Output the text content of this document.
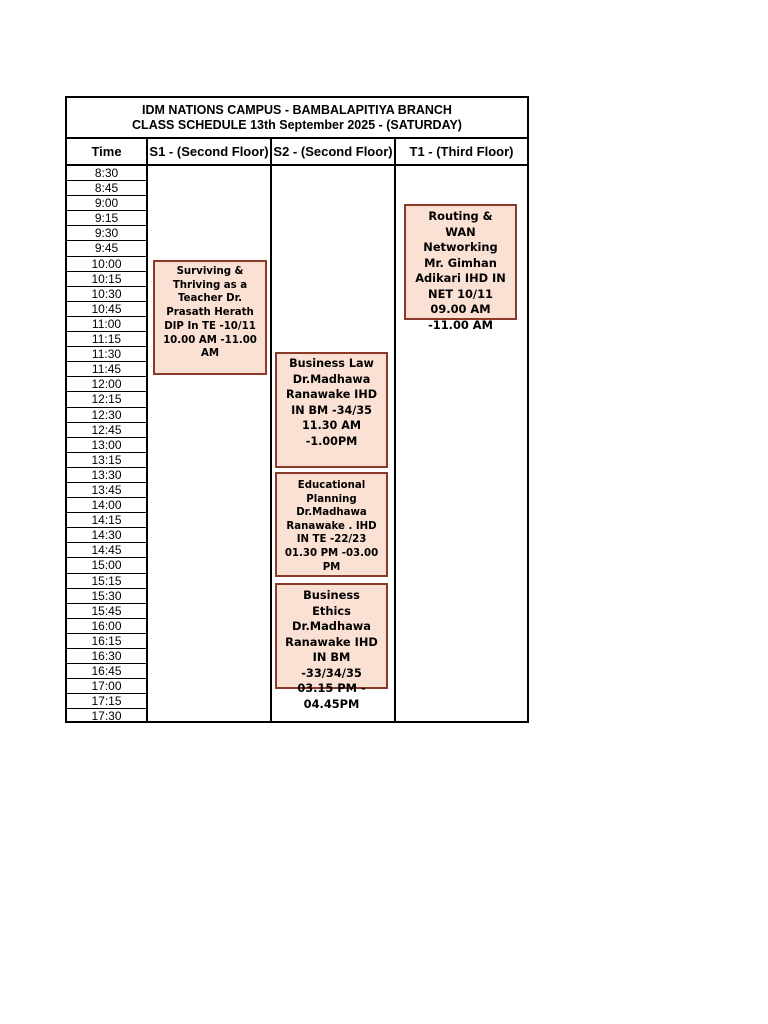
IDM NATIONS CAMPUS - BAMBALAPITIYA BRANCH
CLASS SCHEDULE 13th September 2025 - (SATURDAY)
Time	S1 - (Second Floor) S2 - (Second Floor)	T1 - (Third Floor)
8:30
8:45
9:00
9:15
9:30
9:45
10:00
10:15
10:30
10:45
11:00
11:15
11:30
11:45
12:00
12:15
12:30
12:45
13:00
13:15
13:30
13:45
14:00
14:15
14:30
14:45
15:00
15:15
15:30
15:45
16:00
16:15
16:30
16:45
17:00
17:15
17:30
Surviving & Thriving as a Teacher Dr. Prasath Herath DIP In TE -10/11 10.00 AM -11.00 AM
Routing & WAN Networking Mr. Gimhan Adikari IHD IN NET 10/11 09.00 AM -11.00 AM
Business Law Dr.Madhawa Ranawake IHD IN BM -34/35 11.30 AM -1.00PM
Educational Planning Dr.Madhawa Ranawake . IHD IN TE -22/23 01.30 PM -03.00 PM
Business Ethics Dr.Madhawa Ranawake IHD IN BM -33/34/35 03.15 PM - 04.45PM
